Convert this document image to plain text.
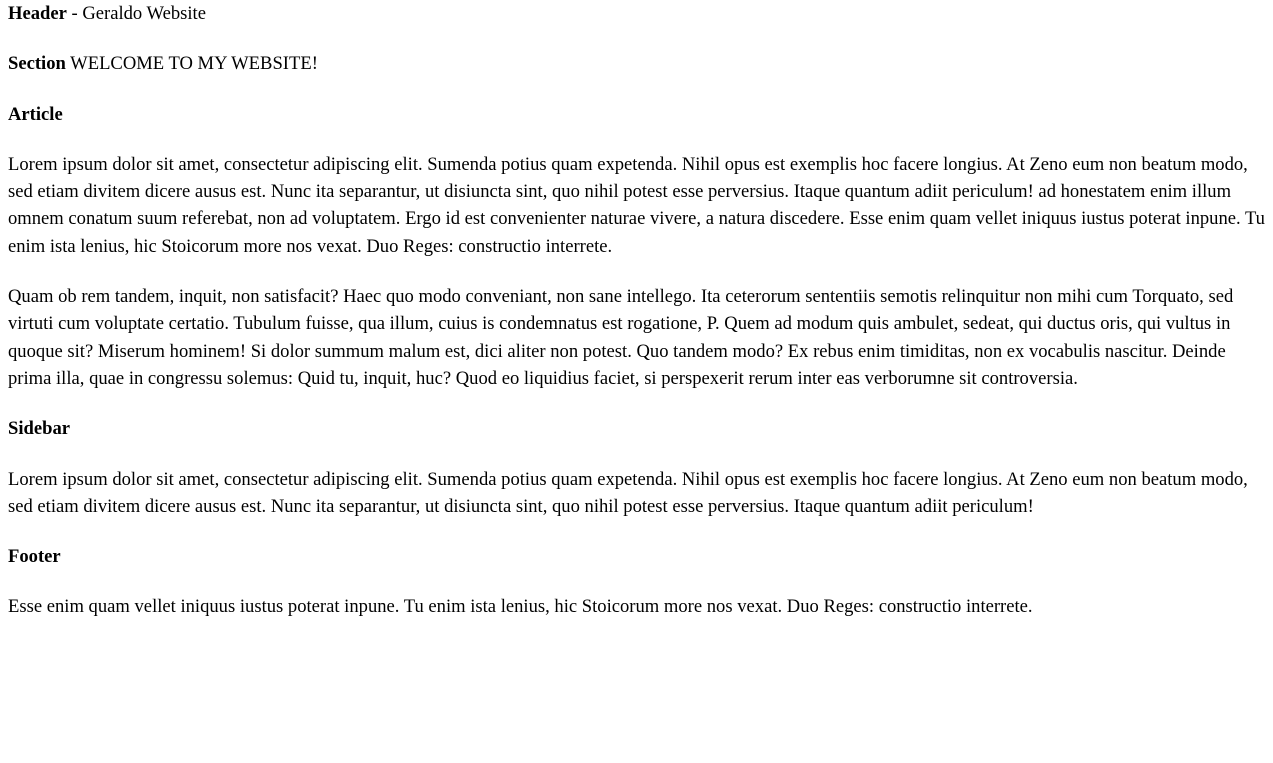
Header - Geraldo Website
Section WELCOME TO MY WEBSITE!
Article

Lorem ipsum dolor sit amet, consectetur adipiscing elit. Sumenda potius quam expetenda. Nihil opus est exemplis hoc facere longius. At Zeno eum non beatum modo, sed etiam divitem dicere ausus est. Nunc ita separantur, ut disiuncta sint, quo nihil potest esse perversius. Itaque quantum adiit periculum! ad honestatem enim illum omnem conatum suum referebat, non ad voluptatem. Ergo id est convenienter naturae vivere, a natura discedere. Esse enim quam vellet iniquus iustus poterat inpune. Tu enim ista lenius, hic Stoicorum more nos vexat. Duo Reges: constructio interrete.

Quam ob rem tandem, inquit, non satisfacit? Haec quo modo conveniant, non sane intellego. Ita ceterorum sententiis semotis relinquitur non mihi cum Torquato, sed virtuti cum voluptate certatio. Tubulum fuisse, qua illum, cuius is condemnatus est rogatione, P. Quem ad modum quis ambulet, sedeat, qui ductus oris, qui vultus in quoque sit? Miserum hominem! Si dolor summum malum est, dici aliter non potest. Quo tandem modo? Ex rebus enim timiditas, non ex vocabulis nascitur. Deinde prima illa, quae in congressu solemus: Quid tu, inquit, huc? Quod eo liquidius faciet, si perspexerit rerum inter eas verborumne sit controversia.

Sidebar

Lorem ipsum dolor sit amet, consectetur adipiscing elit. Sumenda potius quam expetenda. Nihil opus est exemplis hoc facere longius. At Zeno eum non beatum modo, sed etiam divitem dicere ausus est. Nunc ita separantur, ut disiuncta sint, quo nihil potest esse perversius. Itaque quantum adiit periculum!

Footer

Esse enim quam vellet iniquus iustus poterat inpune. Tu enim ista lenius, hic Stoicorum more nos vexat. Duo Reges: constructio interrete.
